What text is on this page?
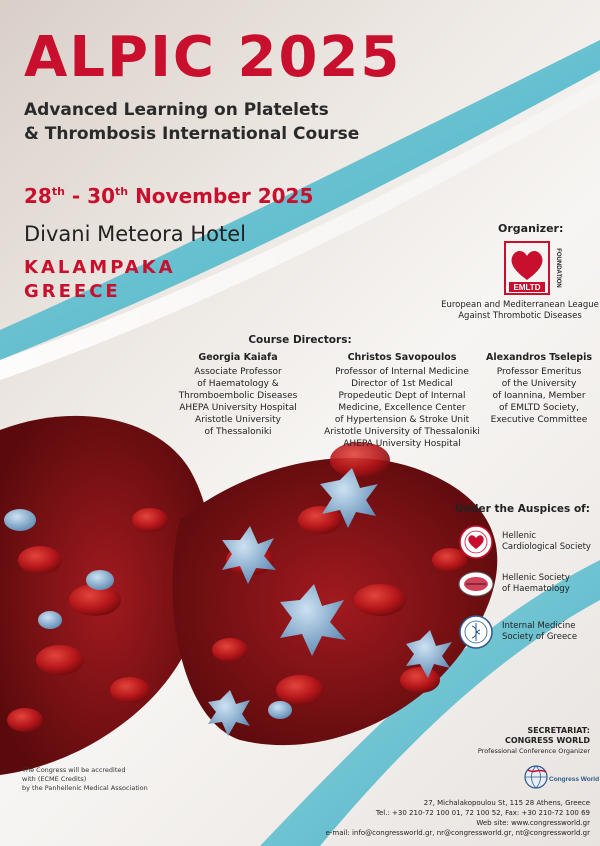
ALPIC 2025
Advanced Learning on Platelets
& Thrombosis International Course
28th - 30th November 2025
Divani Meteora Hotel
KALAMPAKA
GREECE
Organizer:
EMLTD FOUNDATION
European and Mediterranean League
Against Thrombotic Diseases
Course Directors:
Georgia Kaiafa
Associate Professor
of Haematology &
Thromboembolic Diseases
AHEPA University Hospital
Aristotle University
of Thessaloniki
Christos Savopoulos
Professor of Internal Medicine
Director of 1st Medical
Propedeutic Dept of Internal
Medicine, Excellence Center
of Hypertension & Stroke Unit
Aristotle University of Thessaloniki
AHEPA University Hospital
Alexandros Tselepis
Professor Emeritus
of the University
of Ioannina, Member
of EMLTD Society,
Executive Committee
Under the Auspices of:
Hellenic
Cardiological Society
Hellenic Society
of Haematology
Internal Medicine
Society of Greece
The Congress will be accredited
with (ECME Credits)
by the Panhellenic Medical Association
SECRETARIAT:
CONGRESS WORLD
Professional Conference Organizer
Congress World
27, Michalakopoulou St, 115 28 Athens, Greece
Tel.: +30 210-72 100 01, 72 100 52, Fax: +30 210-72 100 69
Web site: www.congressworld.gr
e-mail: info@congressworld.gr, nr@congressworld.gr, nt@congressworld.gr
